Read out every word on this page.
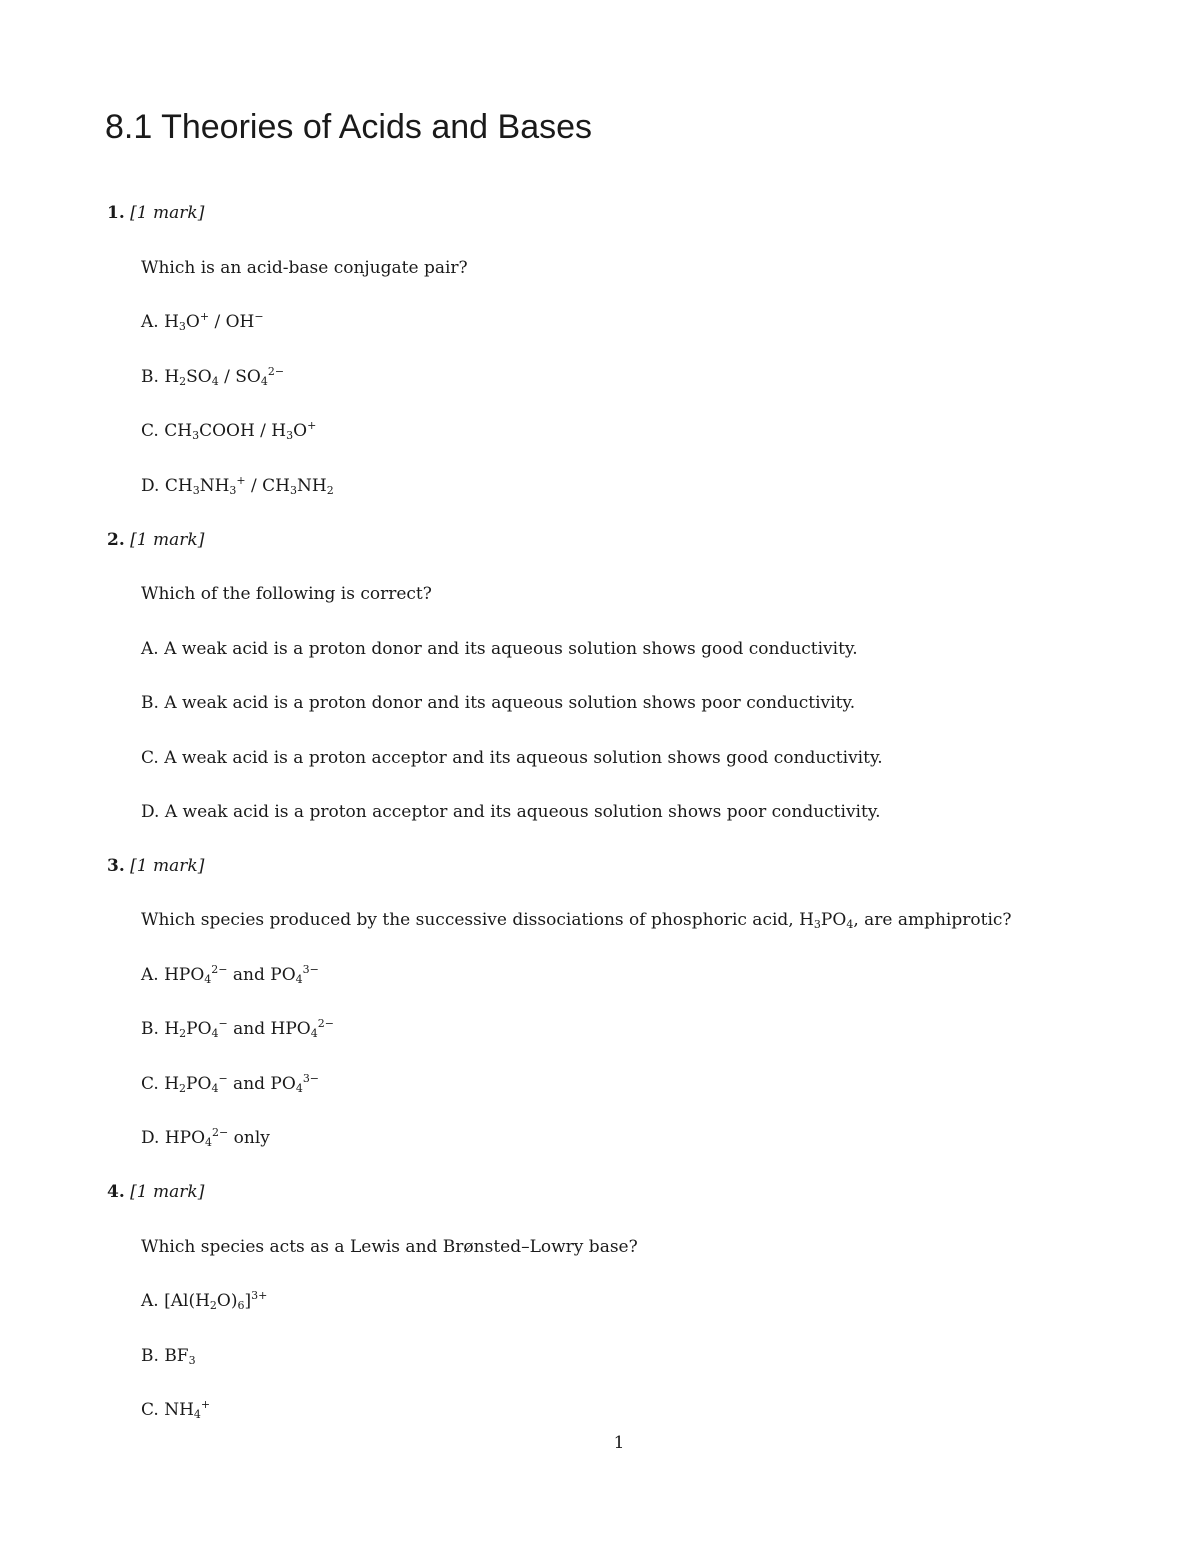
8.1 Theories of Acids and Bases
1. [1 mark]
Which is an acid-base conjugate pair?
A. $H_3O^+ / OH^-$
B. $H_2SO_4 / SO_4^{2-}$
C. $CH_3COOH / H_3O^+$
D. $CH_3NH_3^+ / CH_3NH_2$
2. [1 mark]
Which of the following is correct?
A. A weak acid is a proton donor and its aqueous solution shows good conductivity.
B. A weak acid is a proton donor and its aqueous solution shows poor conductivity.
C. A weak acid is a proton acceptor and its aqueous solution shows good conductivity.
D. A weak acid is a proton acceptor and its aqueous solution shows poor conductivity.
3. [1 mark]
Which species produced by the successive dissociations of phosphoric acid, $H_3PO_4$, are amphiprotic?
A. $HPO_4^{2-}$ and $PO_4^{3-}$
B. $H_2PO_4^-$ and $HPO_4^{2-}$
C. $H_2PO_4^-$ and $PO_4^{3-}$
D. $HPO_4^{2-}$ only
4. [1 mark]
Which species acts as a Lewis and Brønsted–Lowry base?
A. $[Al(H_2O)_6]^{3+}$
B. $BF_3$
C. $NH_4^+$
1
